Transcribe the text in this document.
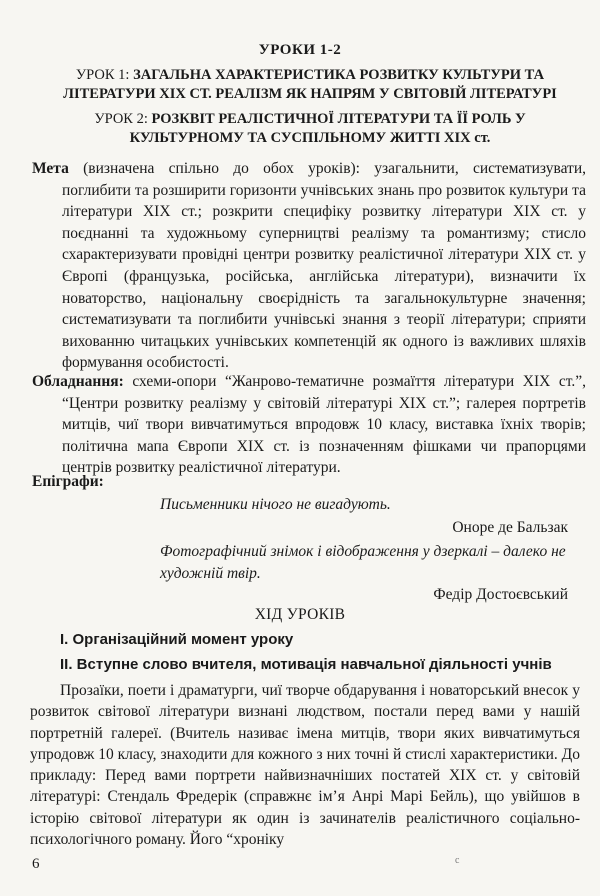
УРОКИ 1-2
УРОК 1: ЗАГАЛЬНА ХАРАКТЕРИСТИКА РОЗВИТКУ КУЛЬТУРИ ТА ЛІТЕРАТУРИ XIX СТ. РЕАЛІЗМ ЯК НАПРЯМ У СВІТОВІЙ ЛІТЕРАТУРІ
УРОК 2: РОЗКВІТ РЕАЛІСТИЧНОЇ ЛІТЕРАТУРИ ТА ЇЇ РОЛЬ У КУЛЬТУРНОМУ ТА СУСПІЛЬНОМУ ЖИТТІ XIX ст.
Мета (визначена спільно до обох уроків): узагальнити, систематизувати, поглибити та розширити горизонти учнівських знань про розвиток культури та літератури XIX ст.; розкрити специфіку розвитку літератури XIX ст. у поєднанні та художньому суперництві реалізму та романтизму; стисло схарактеризувати провідні центри розвитку реалістичної літератури XIX ст. у Європі (французька, російська, англійська літератури), визначити їх новаторство, національну своєрідність та загальнокультурне значення; систематизувати та поглибити учнівські знання з теорії літератури; сприяти вихованню читацьких учнівських компетенцій як одного із важливих шляхів формування особистості.
Обладнання: схеми-опори “Жанрово-тематичне розмаїття літератури XIX ст.”, “Центри розвитку реалізму у світовій літературі XIX ст.”; галерея портретів митців, чиї твори вивчатимуться впродовж 10 класу, виставка їхніх творів; політична мапа Європи XIX ст. із позначенням фішками чи прапорцями центрів розвитку реалістичної літератури.
Епіграфи:
Письменники нічого не вигадують.
Оноре де Бальзак
Фотографічний знімок і відображення у дзеркалі – далеко не художній твір.
Федір Достоєвський
ХІД УРОКІВ
І. Організаційний момент уроку
ІІ. Вступне слово вчителя, мотивація навчальної діяльності учнів
Прозаїки, поети і драматурги, чиї творче обдарування і новаторський внесок у розвиток світової літератури визнані людством, постали перед вами у нашій портретній галереї. (Вчитель називає імена митців, твори яких вивчатимуться упродовж 10 класу, знаходити для кожного з них точні й стислі характеристики. До прикладу: Перед вами портрети найвизначніших постатей XIX ст. у світовій літературі: Стендаль Фредерік (справжнє ім’я Анрі Марі Бейль), що увійшов в історію світової літератури як один із зачинателів реалістичного соціально-психологічного роману. Його “хроніку
6	c
